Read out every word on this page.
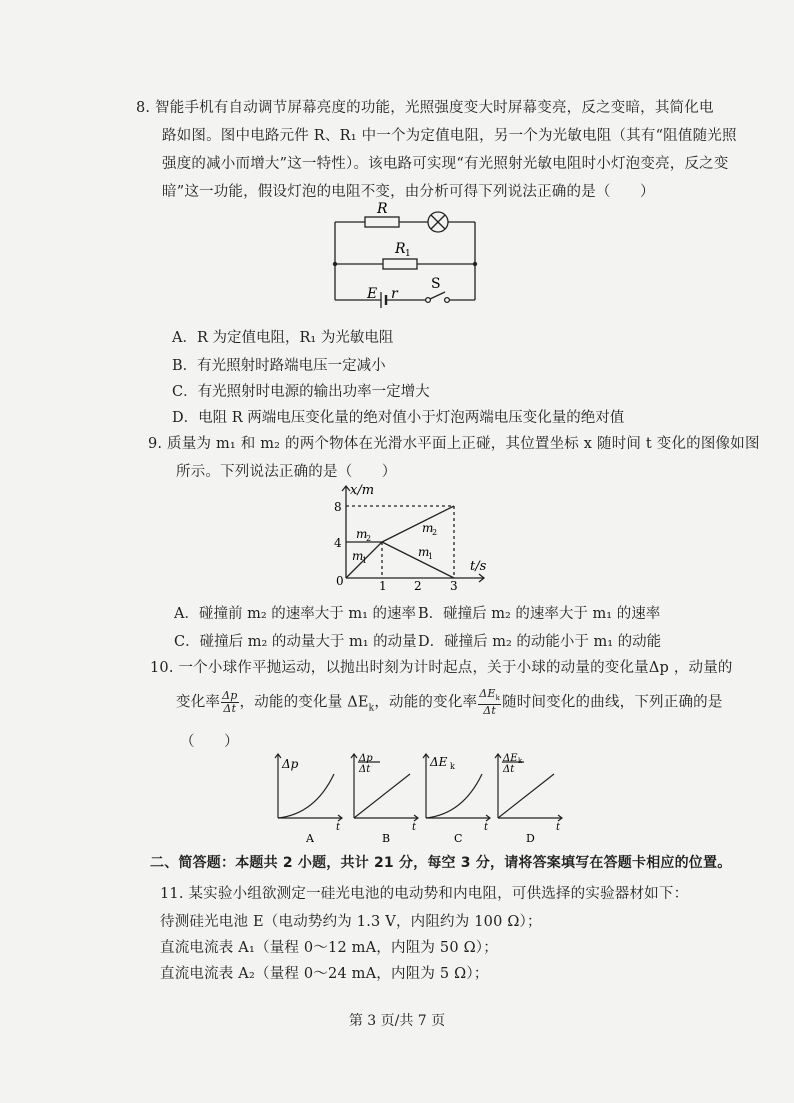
8. 智能手机有自动调节屏幕亮度的功能，光照强度变大时屏幕变亮，反之变暗，其简化电
路如图。图中电路元件 R、R₁ 中一个为定值电阻，另一个为光敏电阻（其有“阻值随光照
强度的减小而增大”这一特性）。该电路可实现“有光照射光敏电阻时小灯泡变亮，反之变
暗”这一功能，假设灯泡的电阻不变，由分析可得下列说法正确的是（　　）
R
R 1
E r
S
A．R 为定值电阻，R₁ 为光敏电阻
B．有光照射时路端电压一定减小
C．有光照射时电源的输出功率一定增大
D．电阻 R 两端电压变化量的绝对值小于灯泡两端电压变化量的绝对值
9. 质量为 m₁ 和 m₂ 的两个物体在光滑水平面上正碰，其位置坐标 x 随时间 t 变化的图像如图
所示。下列说法正确的是（　　）
x/m
t/s
8
4
0	1 2 3
m
2
m
1
m
2
m
1
A．碰撞前 m₂ 的速率大于 m₁ 的速率 B．碰撞后 m₂ 的速率大于 m₁ 的速率
C．碰撞后 m₂ 的动量大于 m₁ 的动量 D．碰撞后 m₂ 的动能小于 m₁ 的动能
10. 一个小球作平抛运动，以抛出时刻为计时起点，关于小球的动量的变化量Δp ，动量的
变化率 $\frac{\Delta p}{\Delta t}$ ，动能的变化量 $\Delta E_k$，动能的变化率 $\frac{\Delta E_k}{\Delta t}$ 随时间变化的曲线，下列正确的是
（　　）
Δp
t
A
Δp
Δt
t
B
ΔE k
t
C
ΔE k
Δt
t
D
二、简答题：本题共 2 小题，共计 21 分，每空 3 分，请将答案填写在答题卡相应的位置。
11. 某实验小组欲测定一硅光电池的电动势和内电阻，可供选择的实验器材如下：
待测硅光电池 E（电动势约为 1.3 V，内阻约为 100 Ω）；
直流电流表 A₁（量程 0～12 mA，内阻为 50 Ω）；
直流电流表 A₂（量程 0～24 mA，内阻为 5 Ω）；
第 3 页/共 7 页
